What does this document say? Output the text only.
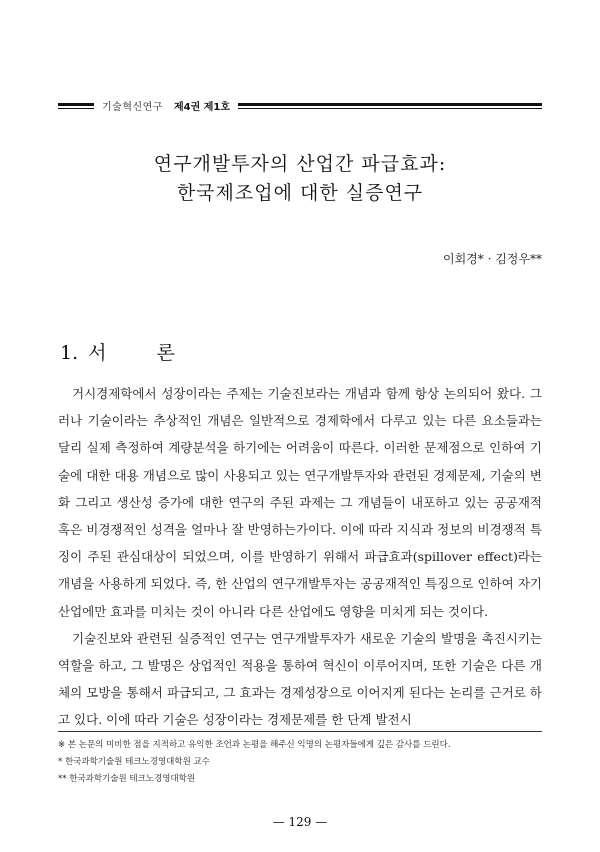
기술혁신연구 제4권 제1호
연구개발투자의 산업간 파급효과:
한국제조업에 대한 실증연구
이회경* · 김정우**
1. 서 론

거시경제학에서 성장이라는 주제는 기술진보라는 개념과 함께 항상 논의되어 왔다. 그러나 기술이라는 추상적인 개념은 일반적으로 경제학에서 다루고 있는 다른 요소들과는 달리 실제 측정하여 계량분석을 하기에는 어려움이 따른다. 이러한 문제점으로 인하여 기술에 대한 대용 개념으로 많이 사용되고 있는 연구개발투자와 관련된 경제문제, 기술의 변화 그리고 생산성 증가에 대한 연구의 주된 과제는 그 개념들이 내포하고 있는 공공재적 혹은 비경쟁적인 성격을 얼마나 잘 반영하는가이다. 이에 따라 지식과 정보의 비경쟁적 특징이 주된 관심대상이 되었으며, 이를 반영하기 위해서 파급효과(spillover effect)라는 개념을 사용하게 되었다. 즉, 한 산업의 연구개발투자는 공공재적인 특징으로 인하여 자기 산업에만 효과를 미치는 것이 아니라 다른 산업에도 영향을 미치게 되는 것이다.

기술진보와 관련된 실증적인 연구는 연구개발투자가 새로운 기술의 발명을 촉진시키는 역할을 하고, 그 발명은 상업적인 적용을 통하여 혁신이 이루어지며, 또한 기술은 다른 개체의 모방을 통해서 파급되고, 그 효과는 경제성장으로 이어지게 된다는 논리를 근거로 하고 있다. 이에 따라 기술은 성장이라는 경제문제를 한 단계 발전시

※ 본 논문의 미비한 점을 지적하고 유익한 조언과 논평을 해주신 익명의 논평자들에게 깊은 감사를 드린다.
* 한국과학기술원 테크노경영대학원 교수
** 한국과학기술원 테크노경영대학원
— 129 —
